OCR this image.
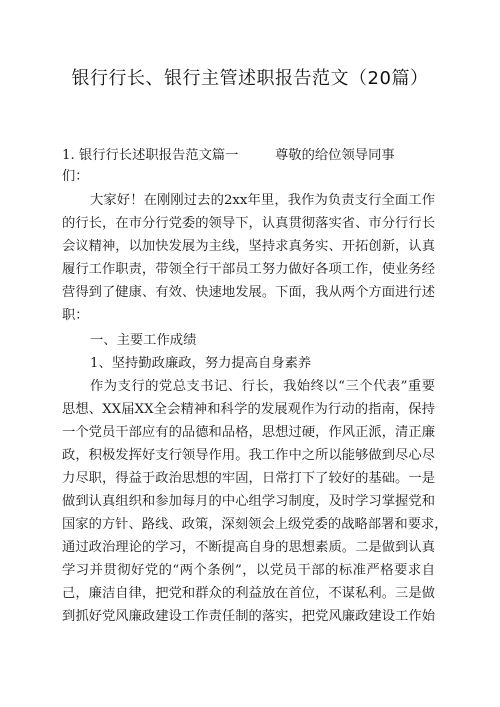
银行行长、银行主管述职报告范文（20篇）
1. 银行行长述职报告范文篇一	尊敬的给位领导同事
们：
大家好！在刚刚过去的2xx年里，我作为负责支行全面工作
的行长，在市分行党委的领导下，认真贯彻落实省、市分行行长
会议精神，以加快发展为主线，坚持求真务实、开拓创新，认真
履行工作职责，带领全行干部员工努力做好各项工作，使业务经
营得到了健康、有效、快速地发展。下面，我从两个方面进行述
职：
一、主要工作成绩
1、坚持勤政廉政，努力提高自身素养
作为支行的党总支书记、行长，我始终以“三个代表”重要
思想、XX届XX全会精神和科学的发展观作为行动的指南，保持
一个党员干部应有的品德和品格，思想过硬，作风正派，清正廉
政，积极发挥好支行领导作用。我工作中之所以能够做到尽心尽
力尽职，得益于政治思想的牢固，日常打下了较好的基础。一是
做到认真组织和参加每月的中心组学习制度，及时学习掌握党和
国家的方针、路线、政策，深刻领会上级党委的战略部署和要求，
通过政治理论的学习，不断提高自身的思想素质。二是做到认真
学习并贯彻好党的“两个条例”，以党员干部的标准严格要求自
己，廉洁自律，把党和群众的利益放在首位，不谋私利。三是做
到抓好党风廉政建设工作责任制的落实，把党风廉政建设工作始
